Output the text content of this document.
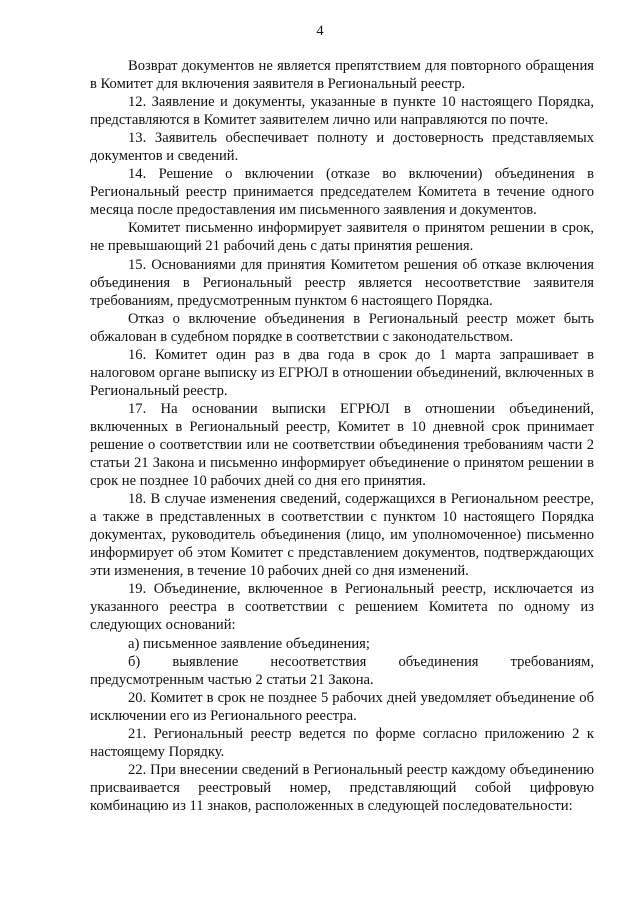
4

Возврат документов не является препятствием для повторного обращения в Комитет для включения заявителя в Региональный реестр.

12. Заявление и документы, указанные в пункте 10 настоящего Порядка, представляются в Комитет заявителем лично или направляются по почте.

13. Заявитель обеспечивает полноту и достоверность представляемых документов и сведений.

14. Решение о включении (отказе во включении) объединения в Региональный реестр принимается председателем Комитета в течение одного месяца после предоставления им письменного заявления и документов.

Комитет письменно информирует заявителя о принятом решении в срок, не превышающий 21 рабочий день с даты принятия решения.

15. Основаниями для принятия Комитетом решения об отказе включения объединения в Региональный реестр является несоответствие заявителя требованиям, предусмотренным пунктом 6 настоящего Порядка.

Отказ о включение объединения в Региональный реестр может быть обжалован в судебном порядке в соответствии с законодательством.

16. Комитет один раз в два года в срок до 1 марта запрашивает в налоговом органе выписку из ЕГРЮЛ в отношении объединений, включенных в Региональный реестр.

17. На основании выписки ЕГРЮЛ в отношении объединений, включенных в Региональный реестр, Комитет в 10 дневной срок принимает решение о соответствии или не соответствии объединения требованиям части 2 статьи 21 Закона и письменно информирует объединение о принятом решении в срок не позднее 10 рабочих дней со дня его принятия.

18. В случае изменения сведений, содержащихся в Региональном реестре, а также в представленных в соответствии с пунктом 10 настоящего Порядка документах, руководитель объединения (лицо, им уполномоченное) письменно информирует об этом Комитет с представлением документов, подтверждающих эти изменения, в течение 10 рабочих дней со дня изменений.

19. Объединение, включенное в Региональный реестр, исключается из указанного реестра в соответствии с решением Комитета по одному из следующих оснований:

а) письменное заявление объединения;

б) выявление несоответствия объединения требованиям, предусмотренным частью 2 статьи 21 Закона.

20. Комитет в срок не позднее 5 рабочих дней уведомляет объединение об исключении его из Регионального реестра.

21. Региональный реестр ведется по форме согласно приложению 2 к настоящему Порядку.

22. При внесении сведений в Региональный реестр каждому объединению присваивается реестровый номер, представляющий собой цифровую комбинацию из 11 знаков, расположенных в следующей последовательности:
